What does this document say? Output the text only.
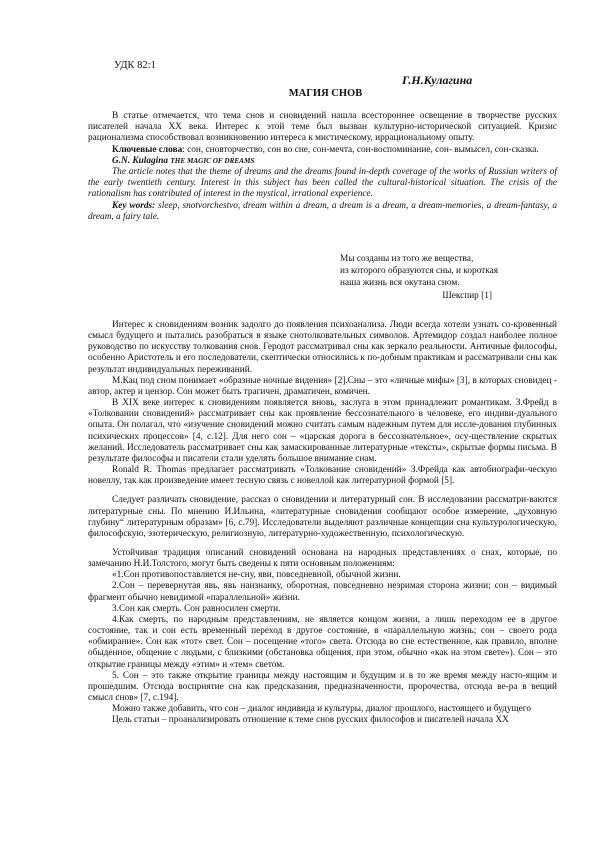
УДК 82:1
Г.Н.Кулагина
МАГИЯ СНОВ

В статье отмечается, что тема снов и сновидений нашла всестороннее освещение в творчестве русских писателей начала ХХ века. Интерес к этой теме был вызван культурно-исторической ситуацией. Кризис рационализма способствовал возникновению интереса к мистическому, иррациональному опыту.

Ключевые слова: сон, сновторчество, сон во сне, сон-мечта, сон-воспоминание, сон- вымысел, сон-сказка.

G.N. Kulagina THE MAGIC OF DREAMS

The article notes that the theme of dreams and the dreams found in-depth coverage of the works of Russian writers of the early twentieth century. Interest in this subject has been called the cultural-historical situation. The crisis of the rationalism has contributed of interest in the mystical, irrational experience.

Key words: sleep, snotvorchestvo, dream within a dream, a dream is a dream, a dream-memories, a dream-fantasy, a dream, a fairy tale.

Мы созданы из того же вещества,
из которого образуются сны, и короткая
наша жизнь вся окутана сном.
Шекспир [1]

Интерес к сновидениям возник задолго до появления психоанализа. Люди всегда хотели узнать со-кровенный смысл будущего и пытались разобраться в языке снотолковательных символов. Артемидор создал наиболее полное руководство по искусству толкования снов. Геродот рассматривал сны как зеркало реальности. Античные философы, особенно Аристотель и его последователи, скептически относились к по-добным практикам и рассматривали сны как результат индивидуальных переживаний.

М.Кац под сном понимает «образные ночные видения» [2].Сны – это «личные мифы» [3], в которых сновидец - автор, актер и цензор. Сон может быть трагичен, драматичен, комичен.

В XIX веке интерес к сновидениям появляется вновь, заслуга в этом принадлежит романтикам. З.Фрейд в «Толковании сновидений» рассматривает сны как проявление бессознательного в человеке, его индиви-дуального опыта. Он полагал, что «изучение сновидений можно считать самым надежным путем для иссле-дования глубинных психических процессов» [4, c.12]. Для него сон – «царская дорога в бессознательное», осу-ществление скрытых желаний. Исследователь рассматривает сны как замаскированные литературные «тексты», скрытые формы письма. В результате философы и писатели стали уделять большое внимание снам.

Ronald R. Thomas предлагает рассматривать «Толкование сновидений» З.Фрейда как автобиографи-ческую новеллу, так как произведение имеет тесную связь с новеллой как литературной формой [5].

Следует различать сновидение, рассказ о сновидении и литературный сон. В исследовании рассматри-ваются литературные сны. По мнению И.Ильина, «литературные сновидения сообщают особое измерение, „духовную глубину“ литературным образам» [6, c.79]. Исследователи выделяют различные концепции сна культурологическую, философскую, эзотерическую, религиозную, литературно-художественную, психологическую.

Устойчивая традиция описаний сновидений основана на народных представлениях о снах, которые, по замечанию Н.И.Толстого, могут быть сведены к пяти основным положениям:

«1.Сон противопоставляется не-сну, яви, повседневной, обычной жизни.

2.Сон – перевернутая явь, явь наизнанку, оборотная, повседневно незримая сторона жизни; сон – видимый фрагмент обычно невидимой «параллельной» жизни.

3.Сон как смерть. Сон равносилен смерти.

4.Как смерть, по народным представлениям, не является концом жизни, а лишь переходом ее в другое состояние, так и сон есть временный переход в другое состояние, в «параллельную жизнь; сон – своего рода «обмирание». Сон как «тот» свет. Сон – посещение «того» света. Отсюда во сне естественное, как правило, вполне обыденное, общение с людьми, с близкими (обстановка общения, при этом, обычно «как на этом свете»). Сон – это открытие границы между «этим» и «тем» светом.

5. Сон – это также открытие границы между настоящим и будущим и в то же время между насто-ящим и прошедшим. Отсюда восприятие сна как предсказания, предназначенности, пророчества, отсюда ве-ра в вещий смысл снов» [7, с.194].

Можно также добавить, что сон – диалог индивида и культуры, диалог прошлого, настоящего и будущего

Цель статьи – проанализировать отношение к теме снов русских философов и писателей начала ХХ
